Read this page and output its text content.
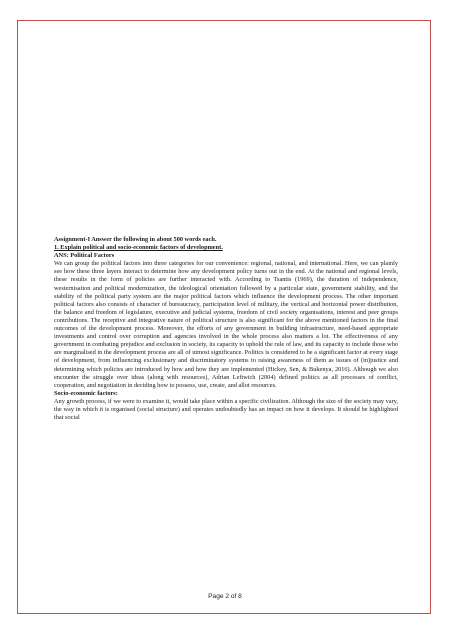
Assignment-I Answer the following in about 500 words each.

1. Explain political and socio-economic factors of development.

ANS: Political Factors

We can group the political factors into three categories for our convenience: regional, national, and international. Here, we can plainly see how these three layers interact to determine how any development policy turns out in the end. At the national and regional levels, these results in the form of policies are further interacted with. According to Tsantis (1969), the duration of independence, westernisation and political modernization, the ideological orientation followed by a particular state, government stability, and the stability of the political party system are the major political factors which influence the development process. The other important political factors also consists of character of bureaucracy, participation level of military, the vertical and horizontal power distribution, the balance and freedom of legislature, executive and judicial systems, freedom of civil society organisations, interest and peer groups contributions. The receptive and integrative nature of political structure is also significant for the above mentioned factors in the final outcomes of the development process. Moreover, the efforts of any government in building infrastructure, need-based appropriate investments and control over corruption and agencies involved in the whole process also matters a lot. The effectiveness of any government in combating prejudice and exclusion in society, its capacity to uphold the rule of law, and its capacity to include those who are marginalised in the development process are all of utmost significance. Politics is considered to be a significant factor at every stage of development, from influencing exclusionary and discriminatory systems to raising awareness of them as issues of (in)justice and determining which policies are introduced by how and how they are implemented (Hickey, Sen, & Bukenya, 2016). Although we also encounter the struggle over ideas (along with resources), Adrian Leftwich (2004) defined politics as all processes of conflict, cooperation, and negotiation in deciding how to possess, use, create, and allot resources.

Socio-economic factors:

Any growth process, if we were to examine it, would take place within a specific civilization. Although the size of the society may vary, the way in which it is organised (social structure) and operates undoubtedly has an impact on how it develops. It should be highlighted that social

Page 2 of 8
